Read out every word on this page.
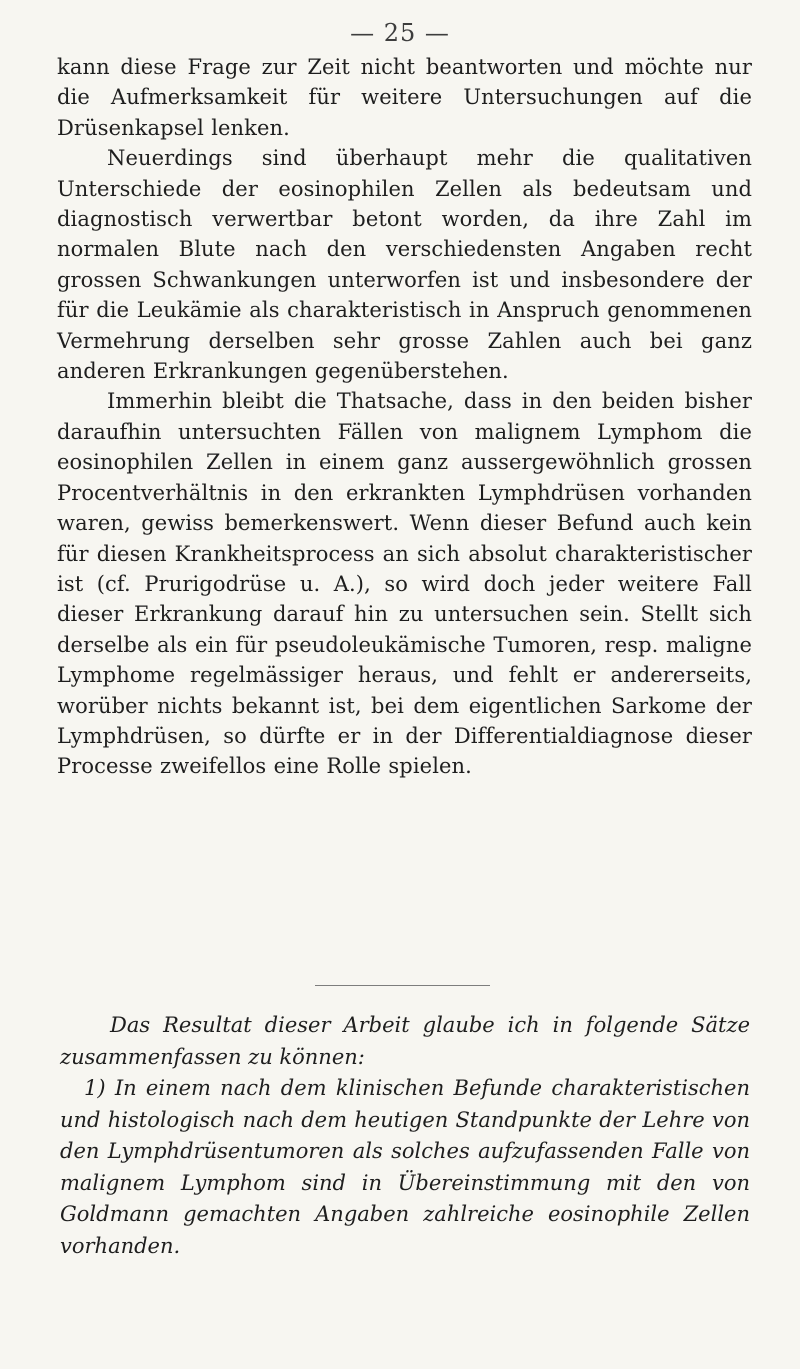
— 25 —

kann diese Frage zur Zeit nicht beantworten und möchte nur die Aufmerksamkeit für weitere Untersuchungen auf die Drüsenkapsel lenken.

Neuerdings sind überhaupt mehr die qualitativen Unterschiede der eosinophilen Zellen als bedeutsam und diagnostisch verwertbar betont worden, da ihre Zahl im normalen Blute nach den verschiedensten Angaben recht grossen Schwankungen unterworfen ist und insbesondere der für die Leukämie als charakteristisch in Anspruch genommenen Vermehrung derselben sehr grosse Zahlen auch bei ganz anderen Erkrankungen gegenüberstehen.

Immerhin bleibt die Thatsache, dass in den beiden bisher daraufhin untersuchten Fällen von malignem Lymphom die eosinophilen Zellen in einem ganz aussergewöhnlich grossen Procentverhältnis in den erkrankten Lymphdrüsen vorhanden waren, gewiss bemerkenswert. Wenn dieser Befund auch kein für diesen Krankheitsprocess an sich absolut charakteristischer ist (cf. Prurigodrüse u. A.), so wird doch jeder weitere Fall dieser Erkrankung darauf hin zu untersuchen sein. Stellt sich derselbe als ein für pseudoleukämische Tumoren, resp. maligne Lymphome regelmässiger heraus, und fehlt er andererseits, worüber nichts bekannt ist, bei dem eigentlichen Sarkome der Lymphdrüsen, so dürfte er in der Differentialdiagnose dieser Processe zweifellos eine Rolle spielen.

Das Resultat dieser Arbeit glaube ich in folgende Sätze zusammenfassen zu können:

1) In einem nach dem klinischen Befunde charakteristischen und histologisch nach dem heutigen Standpunkte der Lehre von den Lymphdrüsentumoren als solches aufzufassenden Falle von malignem Lymphom sind in Übereinstimmung mit den von Goldmann gemachten Angaben zahlreiche eosinophile Zellen vorhanden.
